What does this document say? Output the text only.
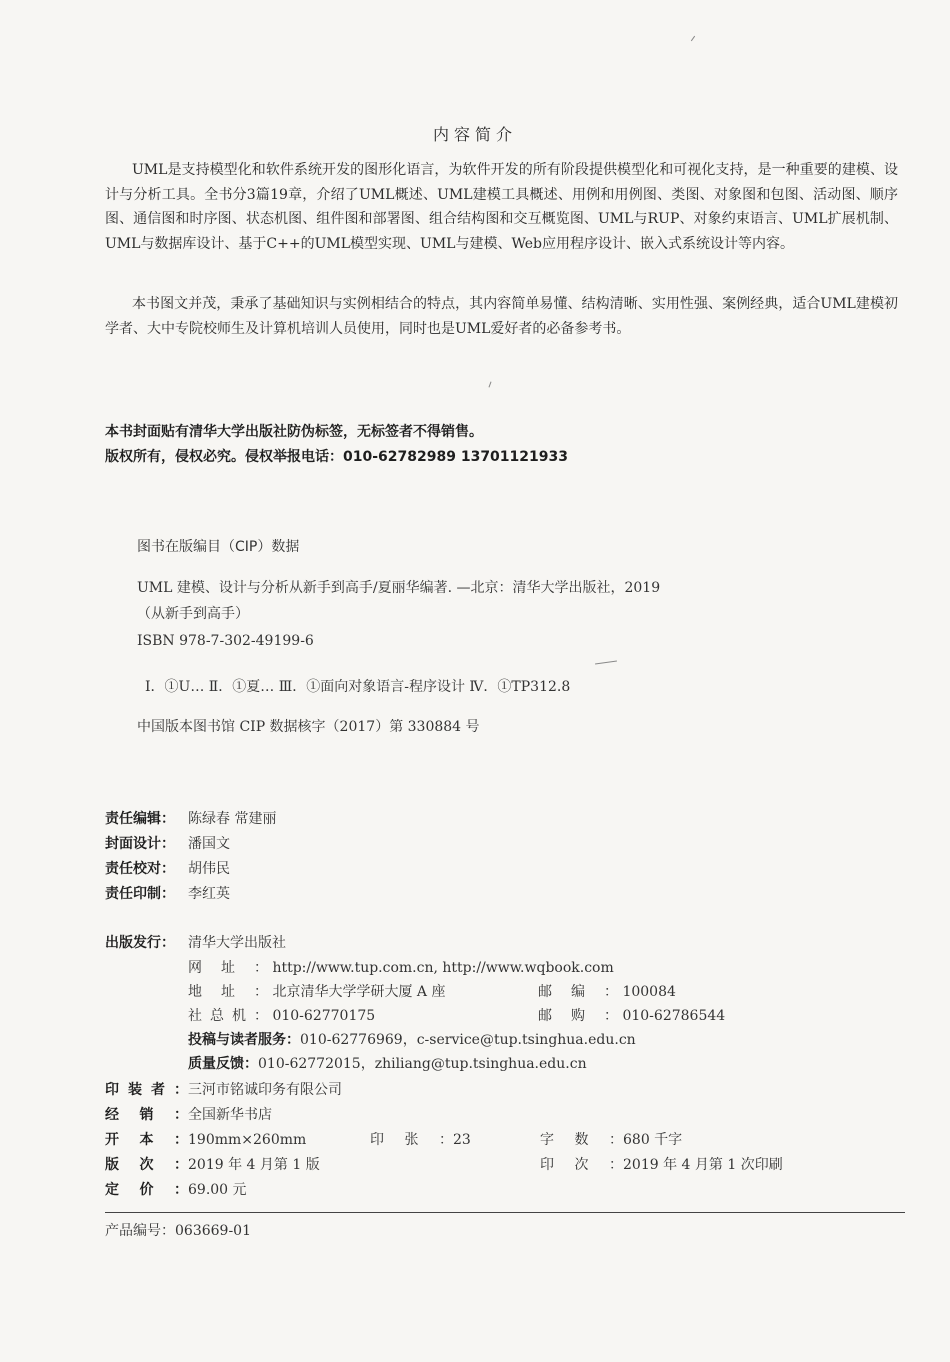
内容简介

UML是支持模型化和软件系统开发的图形化语言，为软件开发的所有阶段提供模型化和可视化支持，是一种重要的建模、设计与分析工具。全书分3篇19章，介绍了UML概述、UML建模工具概述、用例和用例图、类图、对象图和包图、活动图、顺序图、通信图和时序图、状态机图、组件图和部署图、组合结构图和交互概览图、UML与RUP、对象约束语言、UML扩展机制、UML与数据库设计、基于C++的UML模型实现、UML与建模、Web应用程序设计、嵌入式系统设计等内容。

本书图文并茂，秉承了基础知识与实例相结合的特点，其内容简单易懂、结构清晰、实用性强、案例经典，适合UML建模初学者、大中专院校师生及计算机培训人员使用，同时也是UML爱好者的必备参考书。

本书封面贴有清华大学出版社防伪标签，无标签者不得销售。
版权所有，侵权必究。侵权举报电话：010-62782989 13701121933
图书在版编目（CIP）数据
UML 建模、设计与分析从新手到高手/夏丽华编著. —北京：清华大学出版社，2019
（从新手到高手）
ISBN 978-7-302-49199-6
Ⅰ．①U… Ⅱ．①夏… Ⅲ．①面向对象语言-程序设计 Ⅳ．①TP312.8
中国版本图书馆 CIP 数据核字（2017）第 330884 号
责任编辑： 陈绿春 常建丽
封面设计： 潘国文
责任校对： 胡伟民
责任印制： 李红英
出版发行： 清华大学出版社
网址： http://www.tup.com.cn, http://www.wqbook.com
地址： 北京清华大学学研大厦 A 座	邮编： 100084
社总机： 010-62770175	邮购： 010-62786544
投稿与读者服务：010-62776969，c-service@tup.tsinghua.edu.cn
质量反馈：010-62772015，zhiliang@tup.tsinghua.edu.cn
印装者：三河市铭诚印务有限公司
经销：全国新华书店
开本：190mm×260mm	印张：23	字数：680 千字
版次：2019 年 4 月第 1 版	印次：2019 年 4 月第 1 次印刷
定价：69.00 元
产品编号：063669-01
